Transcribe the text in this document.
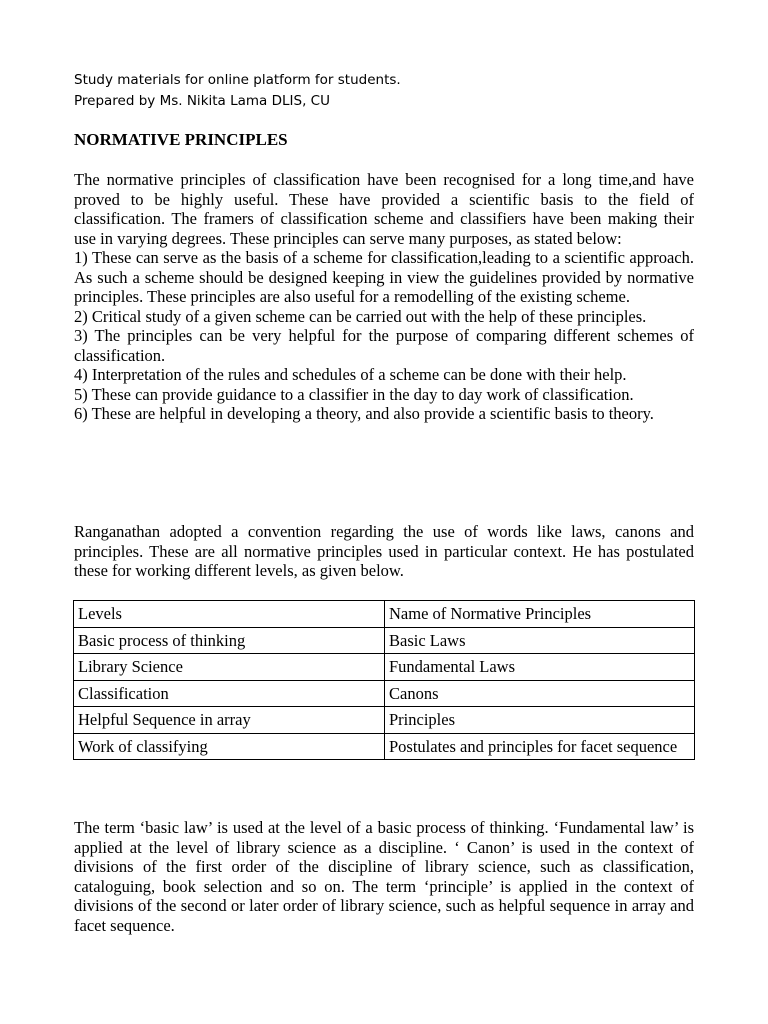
Study materials for online platform for students.
Prepared by Ms. Nikita Lama DLIS, CU
NORMATIVE PRINCIPLES

The normative principles of classification have been recognised for a long time,and have proved to be highly useful. These have provided a scientific basis to the field of classification. The framers of classification scheme and classifiers have been making their use in varying degrees. These principles can serve many purposes, as stated below:

1) These can serve as the basis of a scheme for classification,leading to a scientific approach. As such a scheme should be designed keeping in view the guidelines provided by normative principles. These principles are also useful for a remodelling of the existing scheme.

2) Critical study of a given scheme can be carried out with the help of these principles.

3) The principles can be very helpful for the purpose of comparing different schemes of classification.

4) Interpretation of the rules and schedules of a scheme can be done with their help.

5) These can provide guidance to a classifier in the day to day work of classification.

6) These are helpful in developing a theory, and also provide a scientific basis to theory.

Ranganathan adopted a convention regarding the use of words like laws, canons and principles. These are all normative principles used in particular context. He has postulated these for working different levels, as given below.

Levels	Name of Normative Principles
Basic process of thinking	Basic Laws
Library Science	Fundamental Laws
Classification	Canons
Helpful Sequence in array	Principles
Work of classifying	Postulates and principles for facet sequence

The term ‘basic law’ is used at the level of a basic process of thinking. ‘Fundamental law’ is applied at the level of library science as a discipline. ‘ Canon’ is used in the context of divisions of the first order of the discipline of library science, such as classification, cataloguing, book selection and so on. The term ‘principle’ is applied in the context of divisions of the second or later order of library science, such as helpful sequence in array and facet sequence.
